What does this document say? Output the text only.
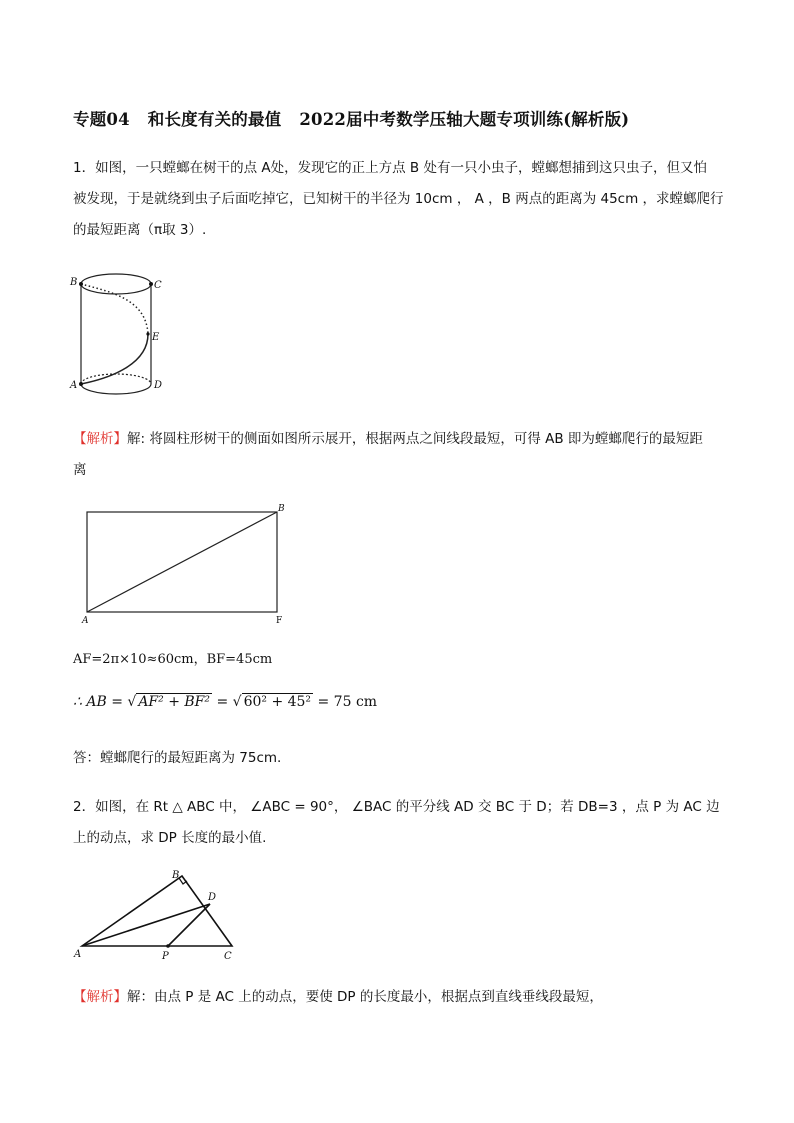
专题04 和长度有关的最值 2022届中考数学压轴大题专项训练(解析版)
1．如图，一只螳螂在树干的点 A处，发现它的正上方点 B 处有一只小虫子，螳螂想捕到这只虫子，但又怕
被发现，于是就绕到虫子后面吃掉它，已知树干的半径为 10cm ， A ，B 两点的距离为 45cm ，求螳螂爬行
的最短距离（π取 3）.
B	C
E
A	D
【解析】解: 将圆柱形树干的侧面如图所示展开，根据两点之间线段最短，可得 AB 即为螳螂爬行的最短距
离
B
A	F
AF=2π×10≈60cm，BF=45cm
∴ AB = √ AF² + BF² = √ 60² + 45² = 75 cm
答：螳螂爬行的最短距离为 75cm.
2．如图，在 Rt △ ABC 中， ∠ABC = 90°， ∠BAC 的平分线 AD 交 BC 于 D；若 DB=3 ，点 P 为 AC 边
上的动点，求 DP 长度的最小值.
B
D
A	P	C
【解析】解：由点 P 是 AC 上的动点，要使 DP 的长度最小，根据点到直线垂线段最短，
